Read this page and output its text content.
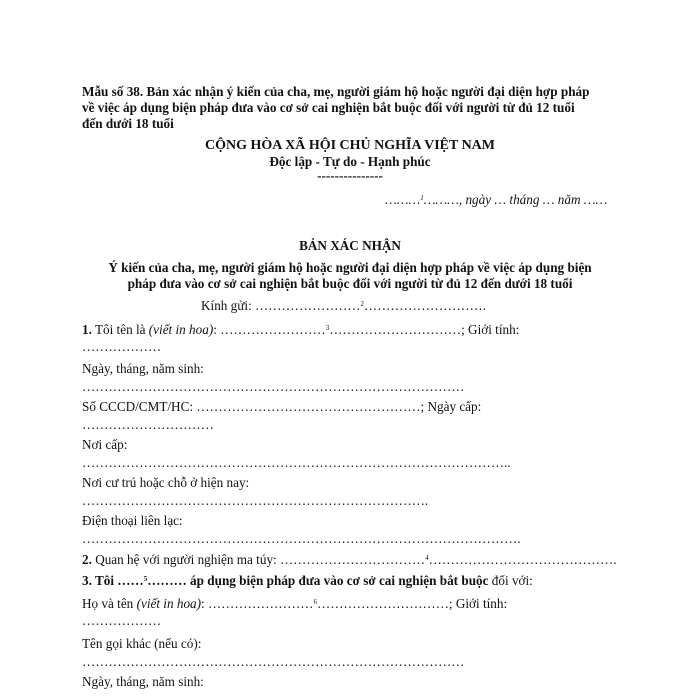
Mẫu số 38. Bản xác nhận ý kiến của cha, mẹ, người giám hộ hoặc người đại diện hợp pháp
về việc áp dụng biện pháp đưa vào cơ sở cai nghiện bắt buộc đối với người từ đủ 12 tuổi
đến dưới 18 tuổi
CỘNG HÒA XÃ HỘI CHỦ NGHĨA VIỆT NAM
Độc lập - Tự do - Hạnh phúc
---------------
………$^1$………, ngày … tháng … năm ……
BẢN XÁC NHẬN
Ý kiến của cha, mẹ, người giám hộ hoặc người đại diện hợp pháp về việc áp dụng biện
pháp đưa vào cơ sở cai nghiện bắt buộc đối với người từ đủ 12 đến dưới 18 tuổi
Kính gửi: ……………………$^2$……………………….
1. Tôi tên là (viết in hoa): ……………………$^3$…………………………; Giới tính:
………………
Ngày, tháng, năm sinh:
……………………………………………………………………………
Số CCCD/CMT/HC: ……………………………………………; Ngày cấp:
…………………………
Nơi cấp:
……………………………………………………………………………………..
Nơi cư trú hoặc chỗ ở hiện nay:
…………………………………………………………………….
Điện thoại liên lạc:
……………………………………………………………………………………….
2. Quan hệ với người nghiện ma túy: ……………………………$^4$…………………………………….
3. Tôi ……$^5$……… áp dụng biện pháp đưa vào cơ sở cai nghiện bắt buộc đối với:
Họ và tên (viết in hoa): ……………………$^6$…………………………; Giới tính:
………………
Tên gọi khác (nếu có):
……………………………………………………………………………
Ngày, tháng, năm sinh:
